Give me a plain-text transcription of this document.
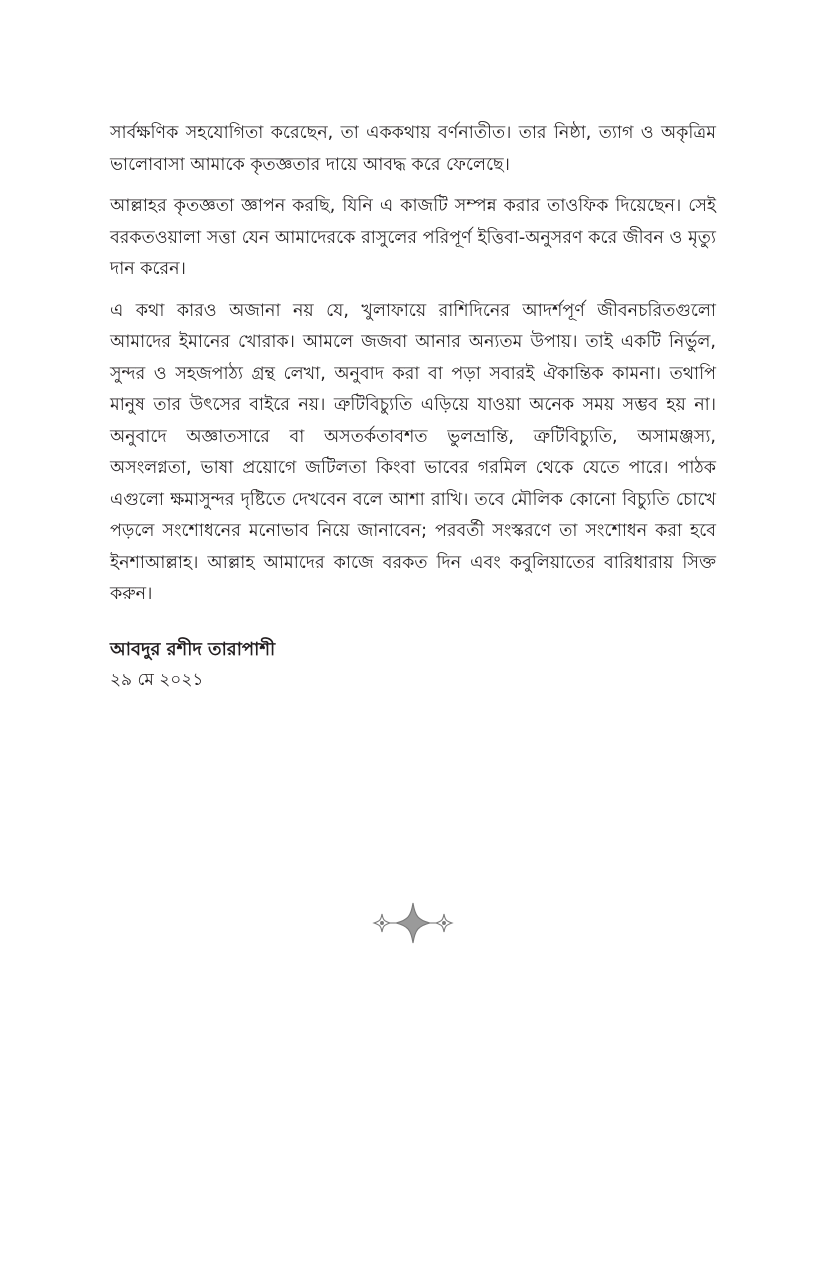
সার্বক্ষণিক সহযোগিতা করেছেন, তা এককথায় বর্ণনাতীত। তার নিষ্ঠা, ত্যাগ ও অকৃত্রিম ভালোবাসা আমাকে কৃতজ্ঞতার দায়ে আবদ্ধ করে ফেলেছে।

আল্লাহর কৃতজ্ঞতা জ্ঞাপন করছি, যিনি এ কাজটি সম্পন্ন করার তাওফিক দিয়েছেন। সেই বরকতওয়ালা সত্তা যেন আমাদেরকে রাসুলের পরিপূর্ণ ইত্তিবা-অনুসরণ করে জীবন ও মৃত্যু দান করেন।

এ কথা কারও অজানা নয় যে, খুলাফায়ে রাশিদিনের আদর্শপূর্ণ জীবনচরিতগুলো আমাদের ইমানের খোরাক। আমলে জজবা আনার অন্যতম উপায়। তাই একটি নির্ভুল, সুন্দর ও সহজপাঠ্য গ্রন্থ লেখা, অনুবাদ করা বা পড়া সবারই ঐকান্তিক কামনা। তথাপি মানুষ তার উৎসের বাইরে নয়। ত্রুটিবিচ্যুতি এড়িয়ে যাওয়া অনেক সময় সম্ভব হয় না। অনুবাদে অজ্ঞাতসারে বা অসতর্কতাবশত ভুলভ্রান্তি, ত্রুটিবিচ্যুতি, অসামঞ্জস্য, অসংলগ্নতা, ভাষা প্রয়োগে জটিলতা কিংবা ভাবের গরমিল থেকে যেতে পারে। পাঠক এগুলো ক্ষমাসুন্দর দৃষ্টিতে দেখবেন বলে আশা রাখি। তবে মৌলিক কোনো বিচ্যুতি চোখে পড়লে সংশোধনের মনোভাব নিয়ে জানাবেন; পরবর্তী সংস্করণে তা সংশোধন করা হবে ইনশাআল্লাহ। আল্লাহ আমাদের কাজে বরকত দিন এবং কবুলিয়াতের বারিধারায় সিক্ত করুন।

আবদুর রশীদ তারাপাশী

২৯ মে ২০২১
